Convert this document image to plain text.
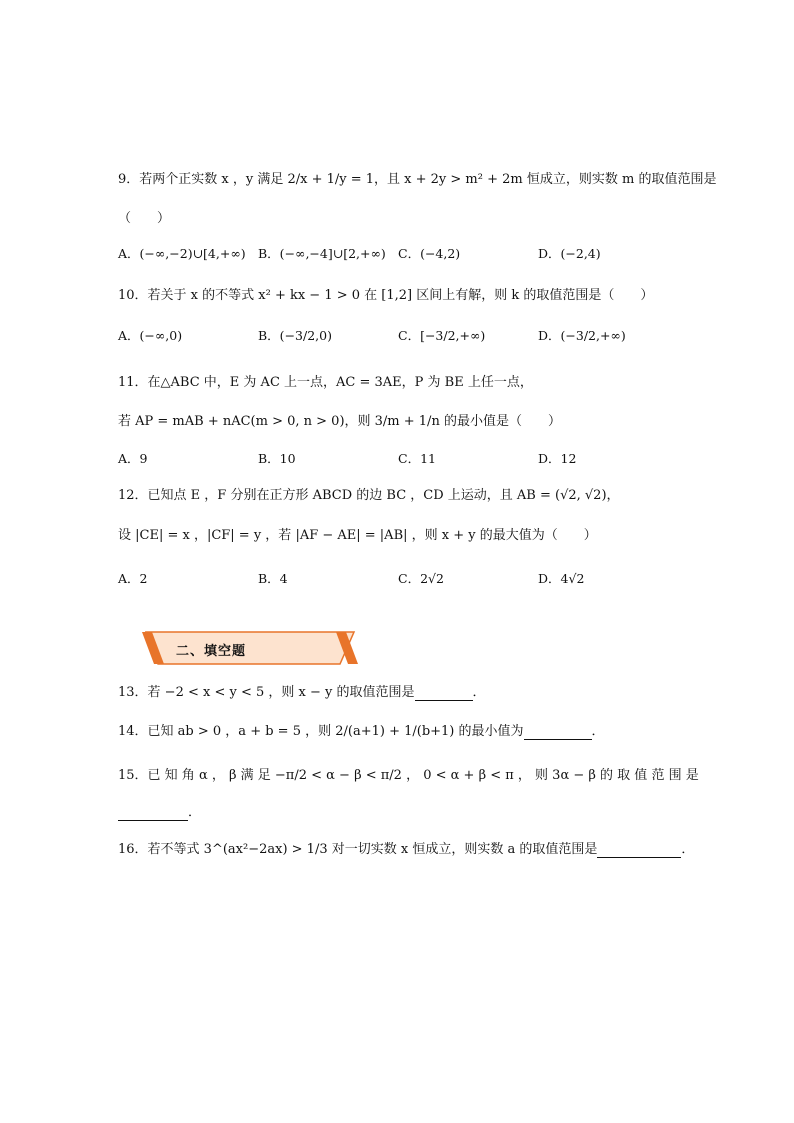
9．若两个正实数 x ，y 满足 2/x + 1/y = 1，且 x + 2y > m² + 2m 恒成立，则实数 m 的取值范围是
（　　）
A．(−∞,−2)∪[4,+∞) B．(−∞,−4]∪[2,+∞) C．(−4,2)	D．(−2,4)
10．若关于 x 的不等式 x² + kx − 1 > 0 在 [1,2] 区间上有解，则 k 的取值范围是（　　）
A．(−∞,0)	B．(−3/2,0)	C．[−3/2,+∞)	D．(−3/2,+∞)
11．在△ABC 中，E 为 AC 上一点，AC = 3AE，P 为 BE 上任一点，
若 AP = mAB + nAC(m > 0, n > 0)，则 3/m + 1/n 的最小值是（　　）
A．9	B．10	C．11	D．12
12．已知点 E ，F 分别在正方形 ABCD 的边 BC ，CD 上运动，且 AB = (√2, √2)，
设 |CE| = x ，|CF| = y ，若 |AF − AE| = |AB| ，则 x + y 的最大值为（　　）
A．2	B．4	C．2√2	D．4√2
二、填空题
13．若 −2 < x < y < 5 ，则 x − y 的取值范围是	．
14．已知 ab > 0 ，a + b = 5 ，则 2/(a+1) + 1/(b+1) 的最小值为	．
15．已 知 角 α ， β 满 足 −π/2 < α − β < π/2 ， 0 < α + β < π ， 则 3α − β 的 取 值 范 围 是
．
16．若不等式 3^(ax²−2ax) > 1/3 对一切实数 x 恒成立，则实数 a 的取值范围是	．
